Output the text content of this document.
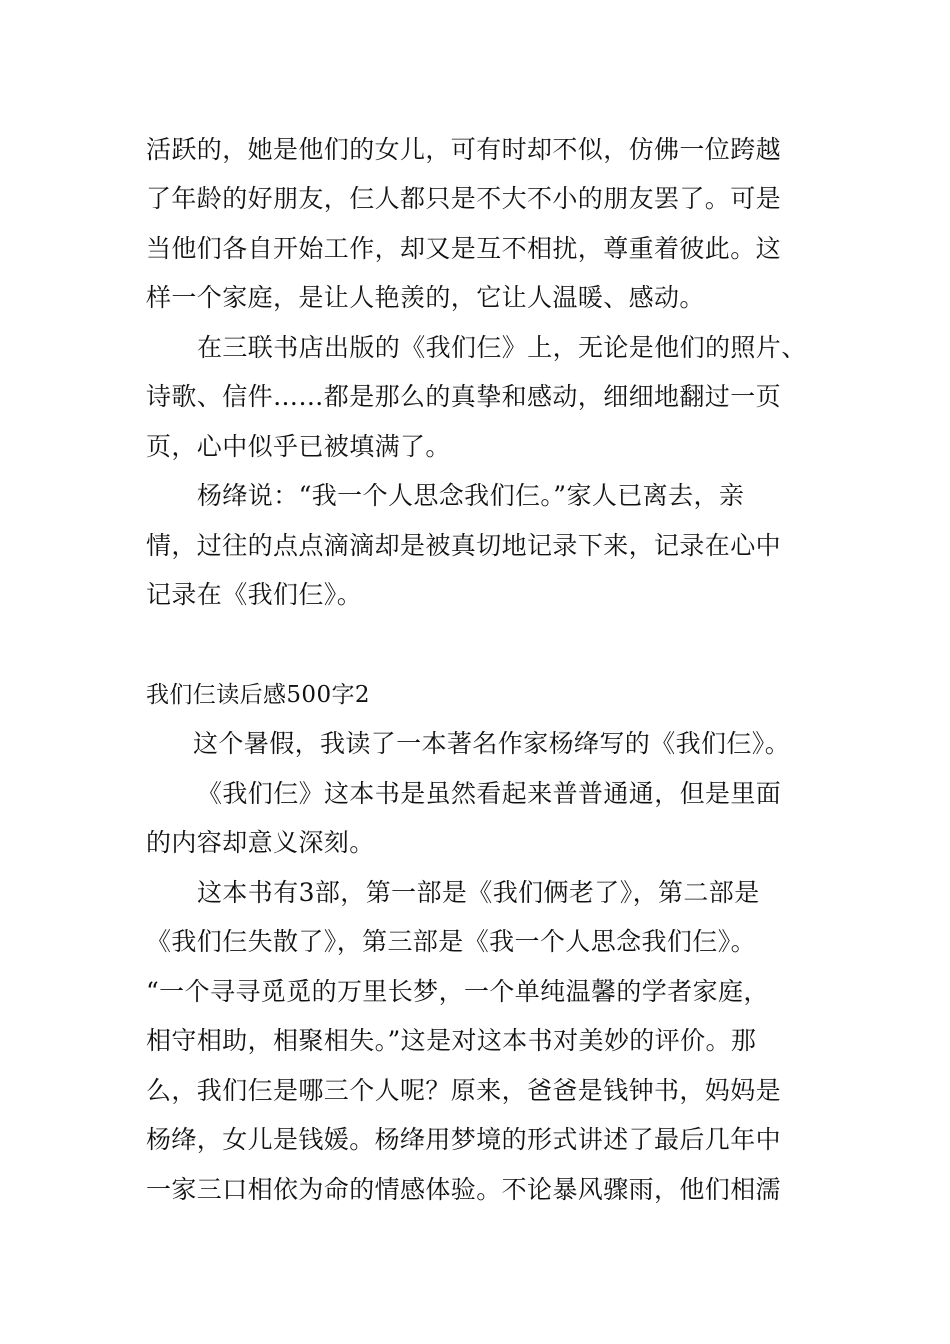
活跃的，她是他们的女儿，可有时却不似，仿佛一位跨越
了年龄的好朋友，仨人都只是不大不小的朋友罢了。可是
当他们各自开始工作，却又是互不相扰，尊重着彼此。这
样一个家庭，是让人艳羡的，它让人温暖、感动。
在三联书店出版的《我们仨》上，无论是他们的照片、
诗歌、信件……都是那么的真挚和感动，细细地翻过一页
页，心中似乎已被填满了。
杨绛说：“我一个人思念我们仨。”家人已离去，亲
情，过往的点点滴滴却是被真切地记录下来，记录在心中
记录在《我们仨》。
我们仨读后感500字2
这个暑假，我读了一本著名作家杨绛写的《我们仨》。
《我们仨》这本书是虽然看起来普普通通，但是里面
的内容却意义深刻。
这本书有3部，第一部是《我们俩老了》，第二部是
《我们仨失散了》，第三部是《我一个人思念我们仨》。
“一个寻寻觅觅的万里长梦，一个单纯温馨的学者家庭，
相守相助，相聚相失。”这是对这本书对美妙的评价。那
么，我们仨是哪三个人呢？原来，爸爸是钱钟书，妈妈是
杨绛，女儿是钱媛。杨绛用梦境的形式讲述了最后几年中
一家三口相依为命的情感体验。不论暴风骤雨，他们相濡
